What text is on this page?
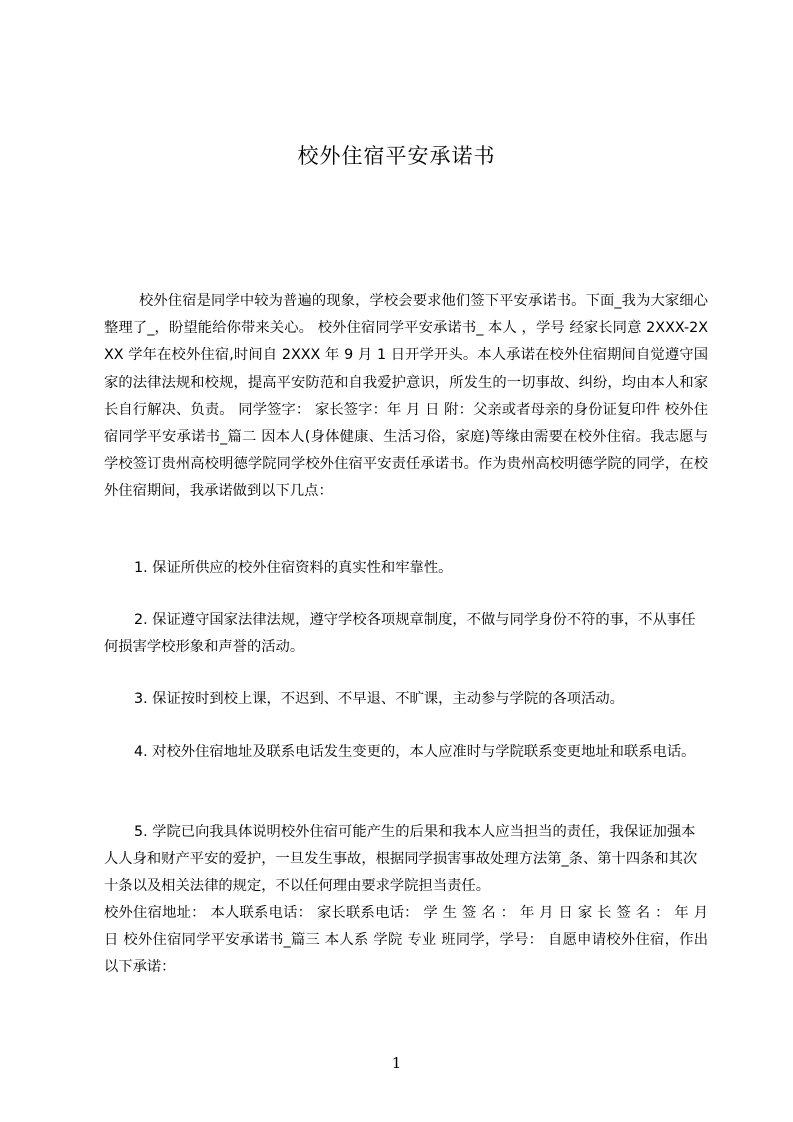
校外住宿平安承诺书

校外住宿是同学中较为普遍的现象，学校会要求他们签下平安承诺书。下面_我为大家细心整理了_，盼望能给你带来关心。 校外住宿同学平安承诺书_ 本人 ，学号 经家长同意 2XXX-2XXX 学年在校外住宿,时间自 2XXX 年 9 月 1 日开学开头。本人承诺在校外住宿期间自觉遵守国家的法律法规和校规，提高平安防范和自我爱护意识，所发生的一切事故、纠纷，均由本人和家长自行解决、负责。 同学签字： 家长签字：年 月 日 附：父亲或者母亲的身份证复印件 校外住宿同学平安承诺书_篇二 因本人(身体健康、生活习俗，家庭)等缘由需要在校外住宿。我志愿与学校签订贵州高校明德学院同学校外住宿平安责任承诺书。作为贵州高校明德学院的同学，在校外住宿期间，我承诺做到以下几点：

1. 保证所供应的校外住宿资料的真实性和牢靠性。

2. 保证遵守国家法律法规，遵守学校各项规章制度，不做与同学身份不符的事，不从事任何损害学校形象和声誉的活动。

3. 保证按时到校上课，不迟到、不早退、不旷课，主动参与学院的各项活动。

4. 对校外住宿地址及联系电话发生变更的，本人应准时与学院联系变更地址和联系电话。

5. 学院已向我具体说明校外住宿可能产生的后果和我本人应当担当的责任，我保证加强本人人身和财产平安的爱护，一旦发生事故，根据同学损害事故处理方法第_条、第十四条和其次十条以及相关法律的规定，不以任何理由要求学院担当责任。

校外住宿地址： 本人联系电话： 家长联系电话： 学 生 签 名 ： 年 月 日 家 长 签 名 ： 年 月 日 校外住宿同学平安承诺书_篇三 本人系 学院 专业 班同学，学号： 自愿申请校外住宿，作出以下承诺：

1
